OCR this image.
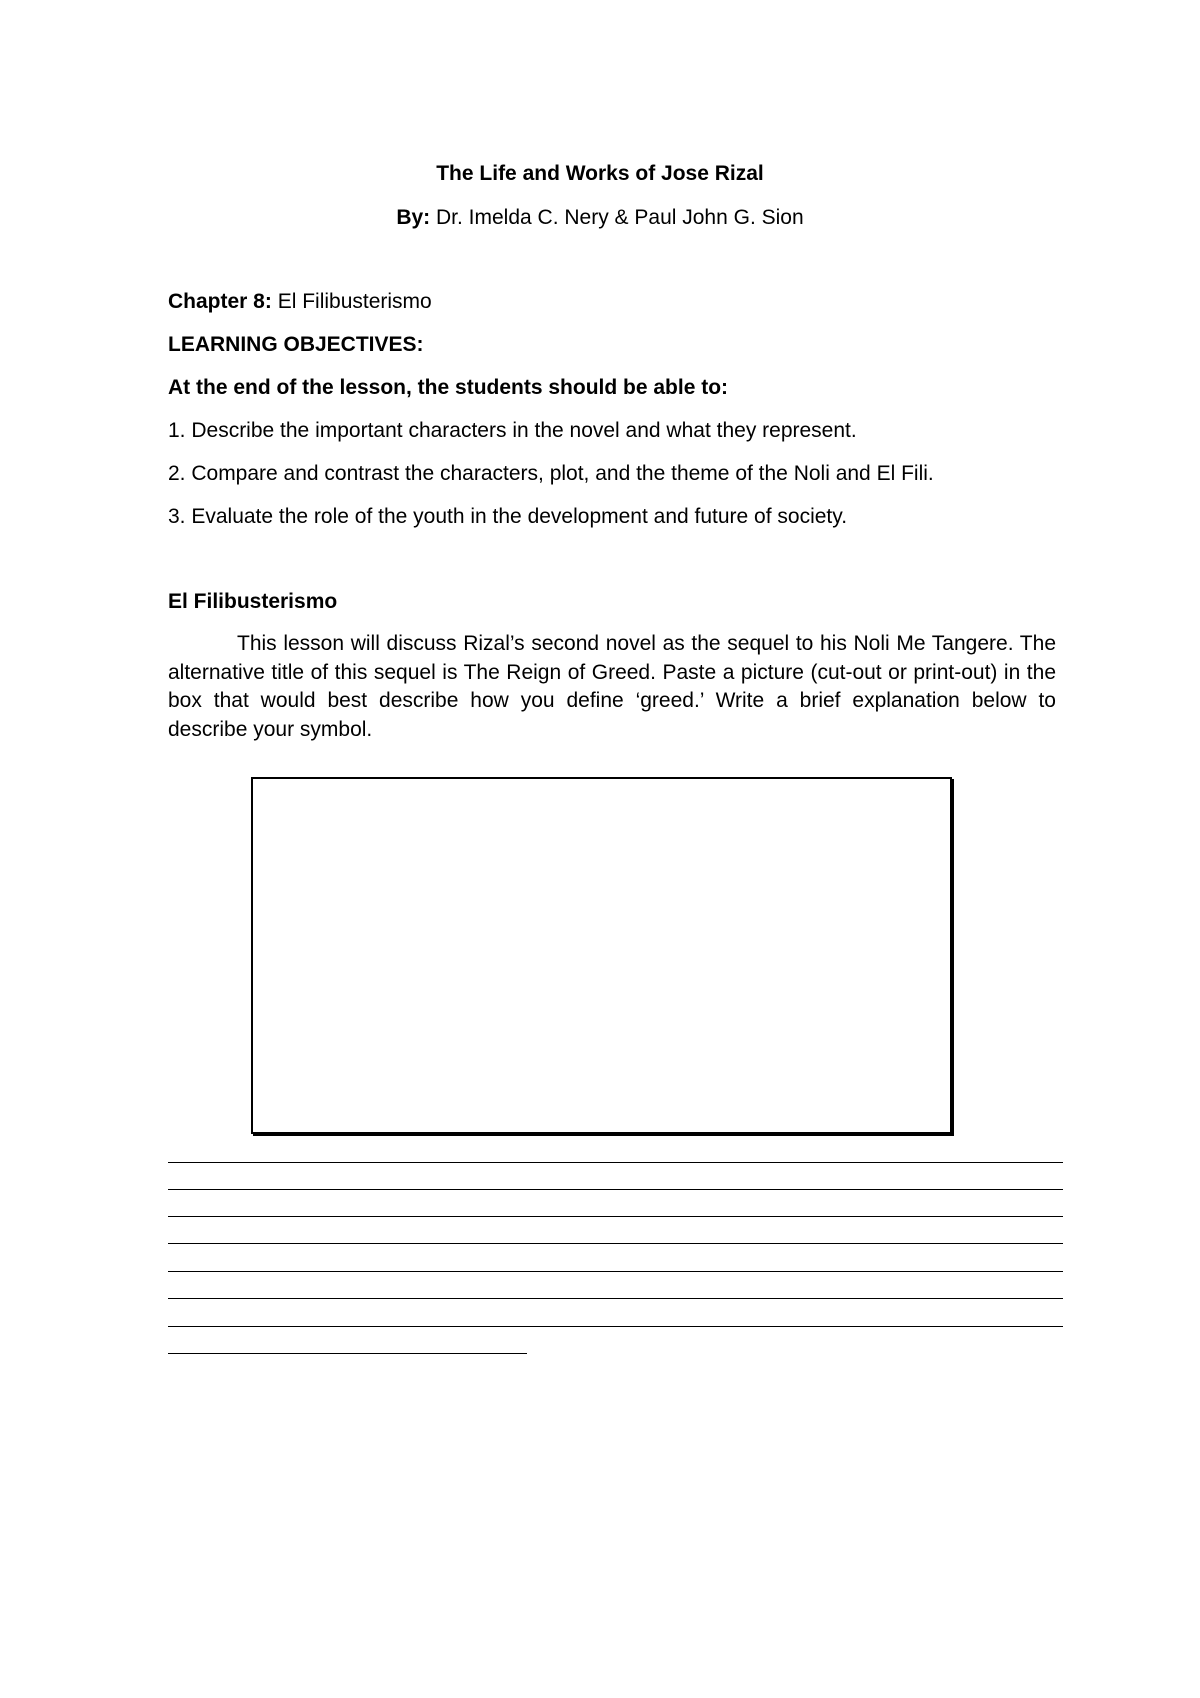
The Life and Works of Jose Rizal
By: Dr. Imelda C. Nery & Paul John G. Sion
Chapter 8: El Filibusterismo
LEARNING OBJECTIVES:
At the end of the lesson, the students should be able to:
1. Describe the important characters in the novel and what they represent.
2. Compare and contrast the characters, plot, and the theme of the Noli and El Fili.
3. Evaluate the role of the youth in the development and future of society.
El Filibusterismo
This lesson will discuss Rizal’s second novel as the sequel to his Noli Me Tangere. The alternative title of this sequel is The Reign of Greed. Paste a picture (cut-out or print-out) in the box that would best describe how you define ‘greed.’ Write a brief explanation below to describe your symbol.
